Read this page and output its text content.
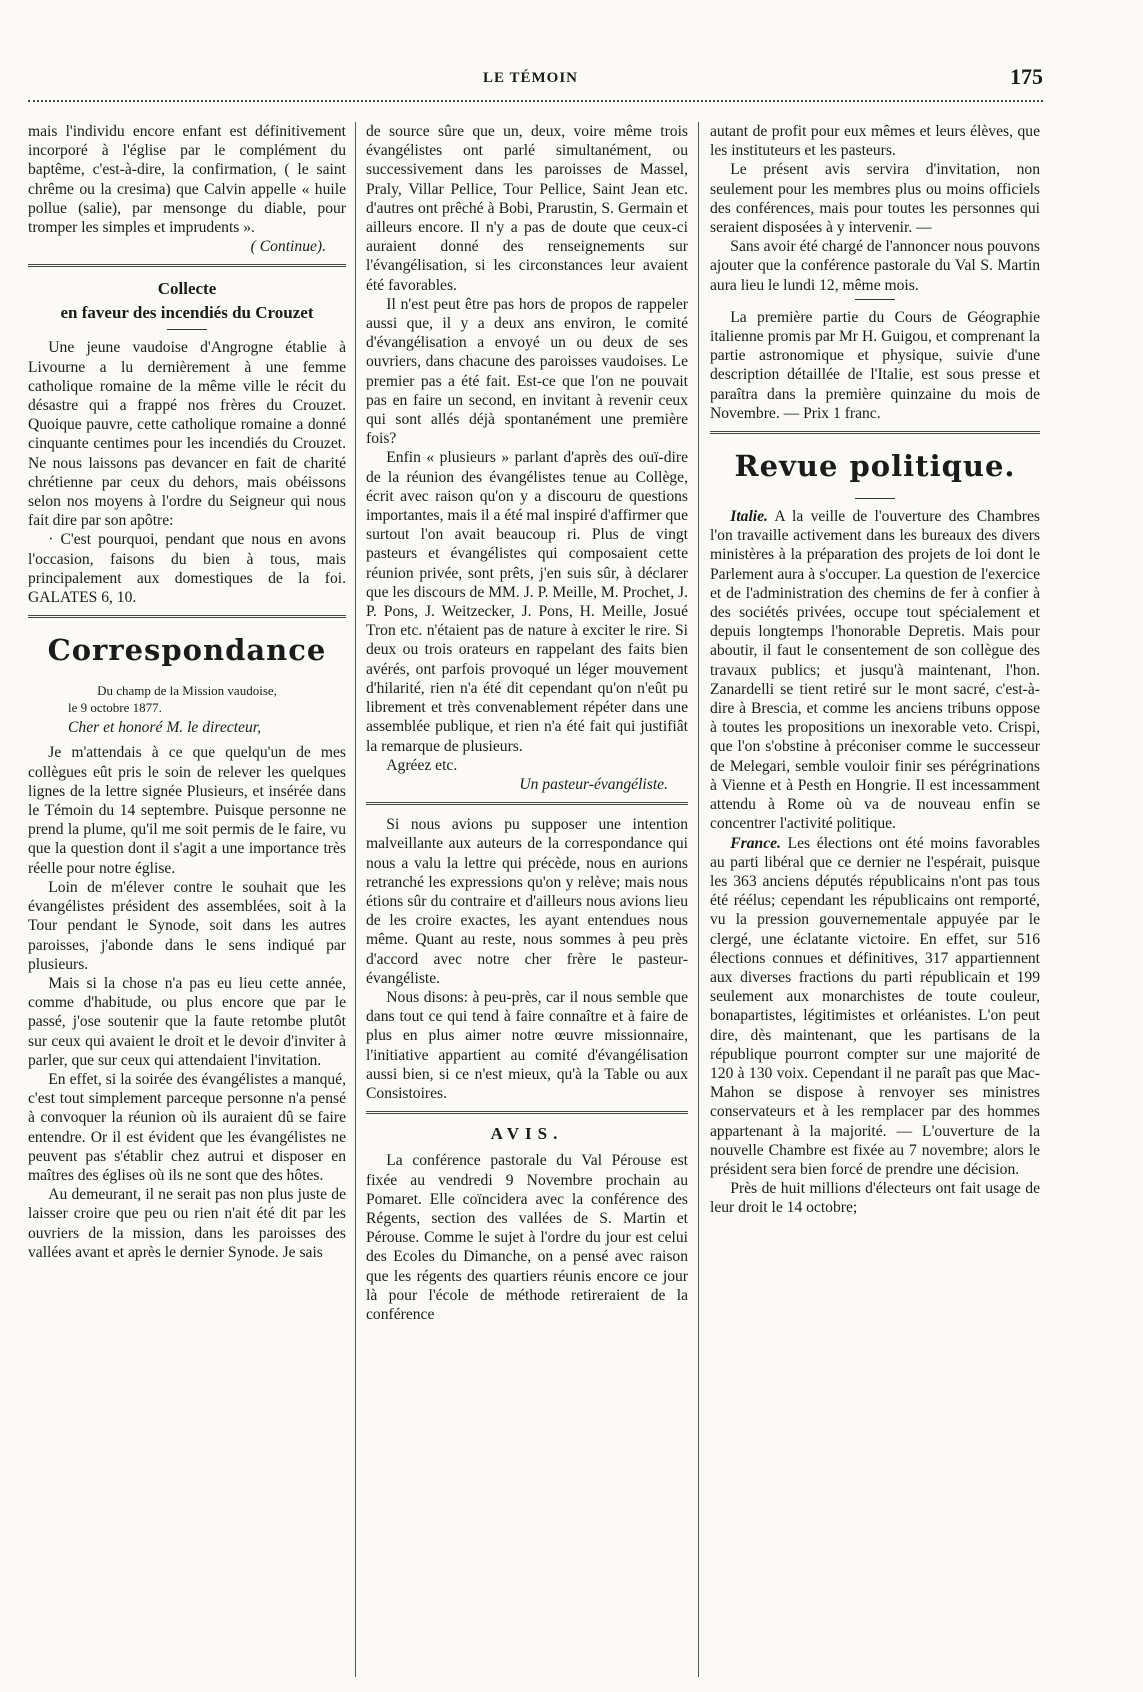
LE TÉMOIN	175

mais l'individu encore enfant est définitivement incorporé à l'église par le complément du baptême, c'est-à-dire, la confirmation, ( le saint chrême ou la cresima) que Calvin appelle « huile pollue (salie), par mensonge du diable, pour tromper les simples et imprudents ».

( Continue).

Collecte
en faveur des incendiés du Crouzet

Une jeune vaudoise d'Angrogne établie à Livourne a lu dernièrement à une femme catholique romaine de la même ville le récit du désastre qui a frappé nos frères du Crouzet. Quoique pauvre, cette catholique romaine a donné cinquante centimes pour les incendiés du Crouzet. Ne nous laissons pas devancer en fait de charité chrétienne par ceux du dehors, mais obéissons selon nos moyens à l'ordre du Seigneur qui nous fait dire par son apôtre:

· C'est pourquoi, pendant que nous en avons l'occasion, faisons du bien à tous, mais principalement aux domestiques de la foi. GALATES 6, 10.

Correspondance
Du champ de la Mission vaudoise,
le 9 octobre 1877.
Cher et honoré M. le directeur,

Je m'attendais à ce que quelqu'un de mes collègues eût pris le soin de relever les quelques lignes de la lettre signée Plusieurs, et insérée dans le Témoin du 14 septembre. Puisque personne ne prend la plume, qu'il me soit permis de le faire, vu que la question dont il s'agit a une importance très réelle pour notre église.

Loin de m'élever contre le souhait que les évangélistes président des assemblées, soit à la Tour pendant le Synode, soit dans les autres paroisses, j'abonde dans le sens indiqué par plusieurs.

Mais si la chose n'a pas eu lieu cette année, comme d'habitude, ou plus encore que par le passé, j'ose soutenir que la faute retombe plutôt sur ceux qui avaient le droit et le devoir d'inviter à parler, que sur ceux qui attendaient l'invitation.

En effet, si la soirée des évangélistes a manqué, c'est tout simplement parceque personne n'a pensé à convoquer la réunion où ils auraient dû se faire entendre. Or il est évident que les évangélistes ne peuvent pas s'établir chez autrui et disposer en maîtres des églises où ils ne sont que des hôtes.

Au demeurant, il ne serait pas non plus juste de laisser croire que peu ou rien n'ait été dit par les ouvriers de la mission, dans les paroisses des vallées avant et après le dernier Synode. Je sais

de source sûre que un, deux, voire même trois évangélistes ont parlé simultanément, ou successivement dans les paroisses de Massel, Praly, Villar Pellice, Tour Pellice, Saint Jean etc. d'autres ont prêché à Bobi, Prarustin, S. Germain et ailleurs encore. Il n'y a pas de doute que ceux-ci auraient donné des renseignements sur l'évangélisation, si les circonstances leur avaient été favorables.

Il n'est peut être pas hors de propos de rappeler aussi que, il y a deux ans environ, le comité d'évangélisation a envoyé un ou deux de ses ouvriers, dans chacune des paroisses vaudoises. Le premier pas a été fait. Est-ce que l'on ne pouvait pas en faire un second, en invitant à revenir ceux qui sont allés déjà spontanément une première fois?

Enfin « plusieurs » parlant d'après des ouï-dire de la réunion des évangélistes tenue au Collège, écrit avec raison qu'on y a discouru de questions importantes, mais il a été mal inspiré d'affirmer que surtout l'on avait beaucoup ri. Plus de vingt pasteurs et évangélistes qui composaient cette réunion privée, sont prêts, j'en suis sûr, à déclarer que les discours de MM. J. P. Meille, M. Prochet, J. P. Pons, J. Weitzecker, J. Pons, H. Meille, Josué Tron etc. n'étaient pas de nature à exciter le rire. Si deux ou trois orateurs en rappelant des faits bien avérés, ont parfois provoqué un léger mouvement d'hilarité, rien n'a été dit cependant qu'on n'eût pu librement et très convenablement répéter dans une assemblée publique, et rien n'a été fait qui justifiât la remarque de plusieurs.

Agréez etc.

Un pasteur-évangéliste.

Si nous avions pu supposer une intention malveillante aux auteurs de la correspondance qui nous a valu la lettre qui précède, nous en aurions retranché les expressions qu'on y relève; mais nous étions sûr du contraire et d'ailleurs nous avions lieu de les croire exactes, les ayant entendues nous même. Quant au reste, nous sommes à peu près d'accord avec notre cher frère le pasteur-évangéliste.

Nous disons: à peu-près, car il nous semble que dans tout ce qui tend à faire connaître et à faire de plus en plus aimer notre œuvre missionnaire, l'initiative appartient au comité d'évangélisation aussi bien, si ce n'est mieux, qu'à la Table ou aux Consistoires.

AVIS.

La conférence pastorale du Val Pérouse est fixée au vendredi 9 Novembre prochain au Pomaret. Elle coïncidera avec la conférence des Régents, section des vallées de S. Martin et Pérouse. Comme le sujet à l'ordre du jour est celui des Ecoles du Dimanche, on a pensé avec raison que les régents des quartiers réunis encore ce jour là pour l'école de méthode retireraient de la conférence

autant de profit pour eux mêmes et leurs élèves, que les instituteurs et les pasteurs.

Le présent avis servira d'invitation, non seulement pour les membres plus ou moins officiels des conférences, mais pour toutes les personnes qui seraient disposées à y intervenir. —

Sans avoir été chargé de l'annoncer nous pouvons ajouter que la conférence pastorale du Val S. Martin aura lieu le lundi 12, même mois.

La première partie du Cours de Géographie italienne promis par Mr H. Guigou, et comprenant la partie astronomique et physique, suivie d'une description détaillée de l'Italie, est sous presse et paraîtra dans la première quinzaine du mois de Novembre. — Prix 1 franc.

Revue politique.

Italie. A la veille de l'ouverture des Chambres l'on travaille activement dans les bureaux des divers ministères à la préparation des projets de loi dont le Parlement aura à s'occuper. La question de l'exercice et de l'administration des chemins de fer à confier à des sociétés privées, occupe tout spécialement et depuis longtemps l'honorable Depretis. Mais pour aboutir, il faut le consentement de son collègue des travaux publics; et jusqu'à maintenant, l'hon. Zanardelli se tient retiré sur le mont sacré, c'est-à-dire à Brescia, et comme les anciens tribuns oppose à toutes les propositions un inexorable veto. Crispi, que l'on s'obstine à préconiser comme le successeur de Melegari, semble vouloir finir ses pérégrinations à Vienne et à Pesth en Hongrie. Il est incessamment attendu à Rome où va de nouveau enfin se concentrer l'activité politique.

France. Les élections ont été moins favorables au parti libéral que ce dernier ne l'espérait, puisque les 363 anciens députés républicains n'ont pas tous été réélus; cependant les républicains ont remporté, vu la pression gouvernementale appuyée par le clergé, une éclatante victoire. En effet, sur 516 élections connues et définitives, 317 appartiennent aux diverses fractions du parti républicain et 199 seulement aux monarchistes de toute couleur, bonapartistes, légitimistes et orléanistes. L'on peut dire, dès maintenant, que les partisans de la république pourront compter sur une majorité de 120 à 130 voix. Cependant il ne paraît pas que Mac-Mahon se dispose à renvoyer ses ministres conservateurs et à les remplacer par des hommes appartenant à la majorité. — L'ouverture de la nouvelle Chambre est fixée au 7 novembre; alors le président sera bien forcé de prendre une décision.

Près de huit millions d'électeurs ont fait usage de leur droit le 14 octobre;
